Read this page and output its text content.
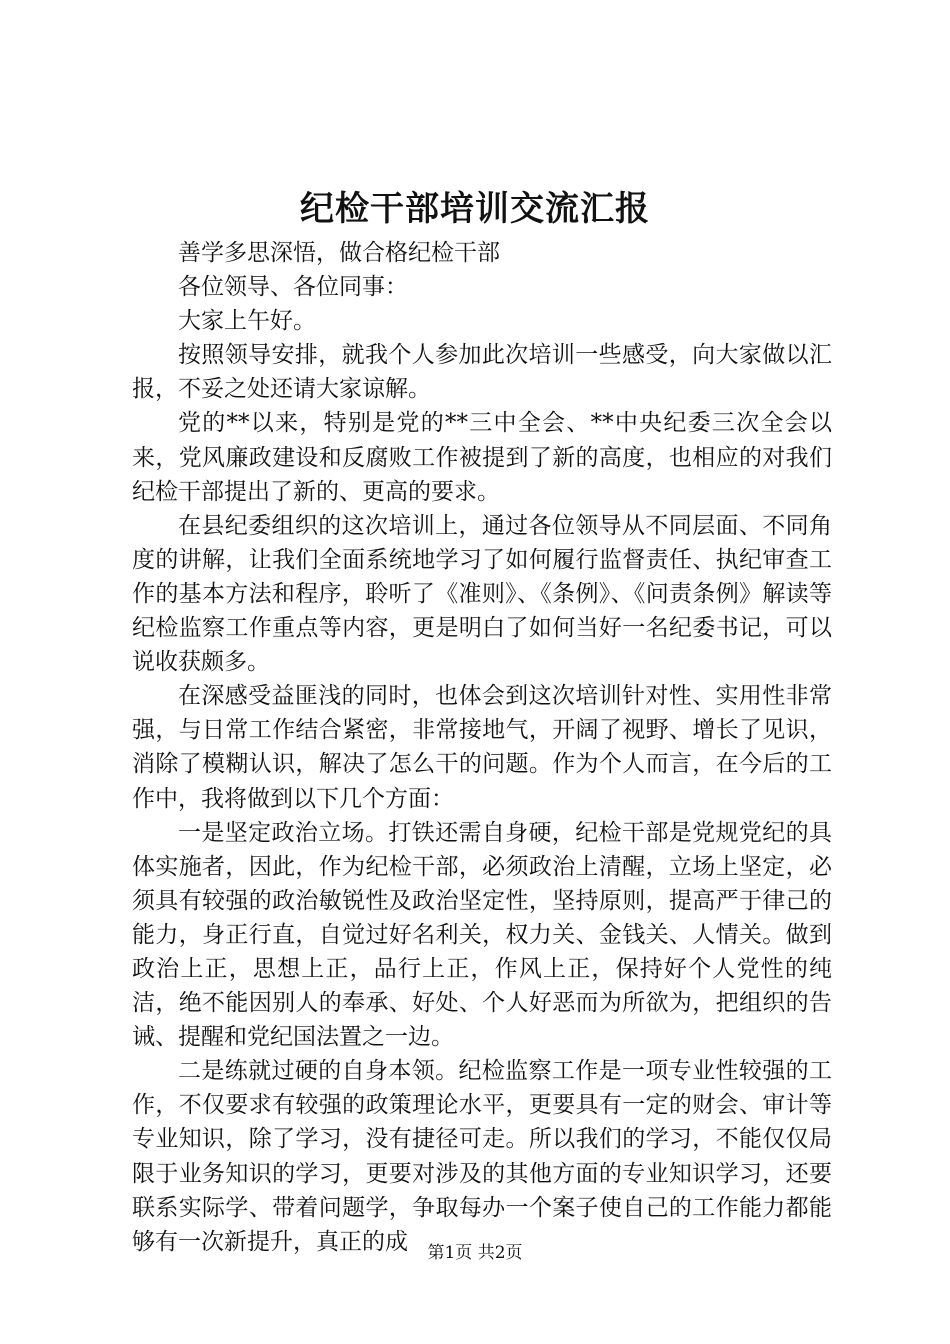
纪检干部培训交流汇报

善学多思深悟，做合格纪检干部

各位领导、各位同事：

大家上午好。

按照领导安排，就我个人参加此次培训一些感受，向大家做以汇报，不妥之处还请大家谅解。

党的**以来，特别是党的**三中全会、**中央纪委三次全会以来，党风廉政建设和反腐败工作被提到了新的高度，也相应的对我们纪检干部提出了新的、更高的要求。

在县纪委组织的这次培训上，通过各位领导从不同层面、不同角度的讲解，让我们全面系统地学习了如何履行监督责任、执纪审查工作的基本方法和程序，聆听了《准则》、《条例》、《问责条例》解读等纪检监察工作重点等内容，更是明白了如何当好一名纪委书记，可以说收获颇多。

在深感受益匪浅的同时，也体会到这次培训针对性、实用性非常强，与日常工作结合紧密，非常接地气，开阔了视野、增长了见识，消除了模糊认识，解决了怎么干的问题。作为个人而言，在今后的工作中，我将做到以下几个方面：

一是坚定政治立场。打铁还需自身硬，纪检干部是党规党纪的具体实施者，因此，作为纪检干部，必须政治上清醒，立场上坚定，必须具有较强的政治敏锐性及政治坚定性，坚持原则，提高严于律己的能力，身正行直，自觉过好名利关，权力关、金钱关、人情关。做到政治上正，思想上正，品行上正，作风上正，保持好个人党性的纯洁，绝不能因别人的奉承、好处、个人好恶而为所欲为，把组织的告诫、提醒和党纪国法置之一边。

二是练就过硬的自身本领。纪检监察工作是一项专业性较强的工作，不仅要求有较强的政策理论水平，更要具有一定的财会、审计等专业知识，除了学习，没有捷径可走。所以我们的学习，不能仅仅局限于业务知识的学习，更要对涉及的其他方面的专业知识学习，还要联系实际学、带着问题学，争取每办一个案子使自己的工作能力都能够有一次新提升，真正的成	第1页 共2页
